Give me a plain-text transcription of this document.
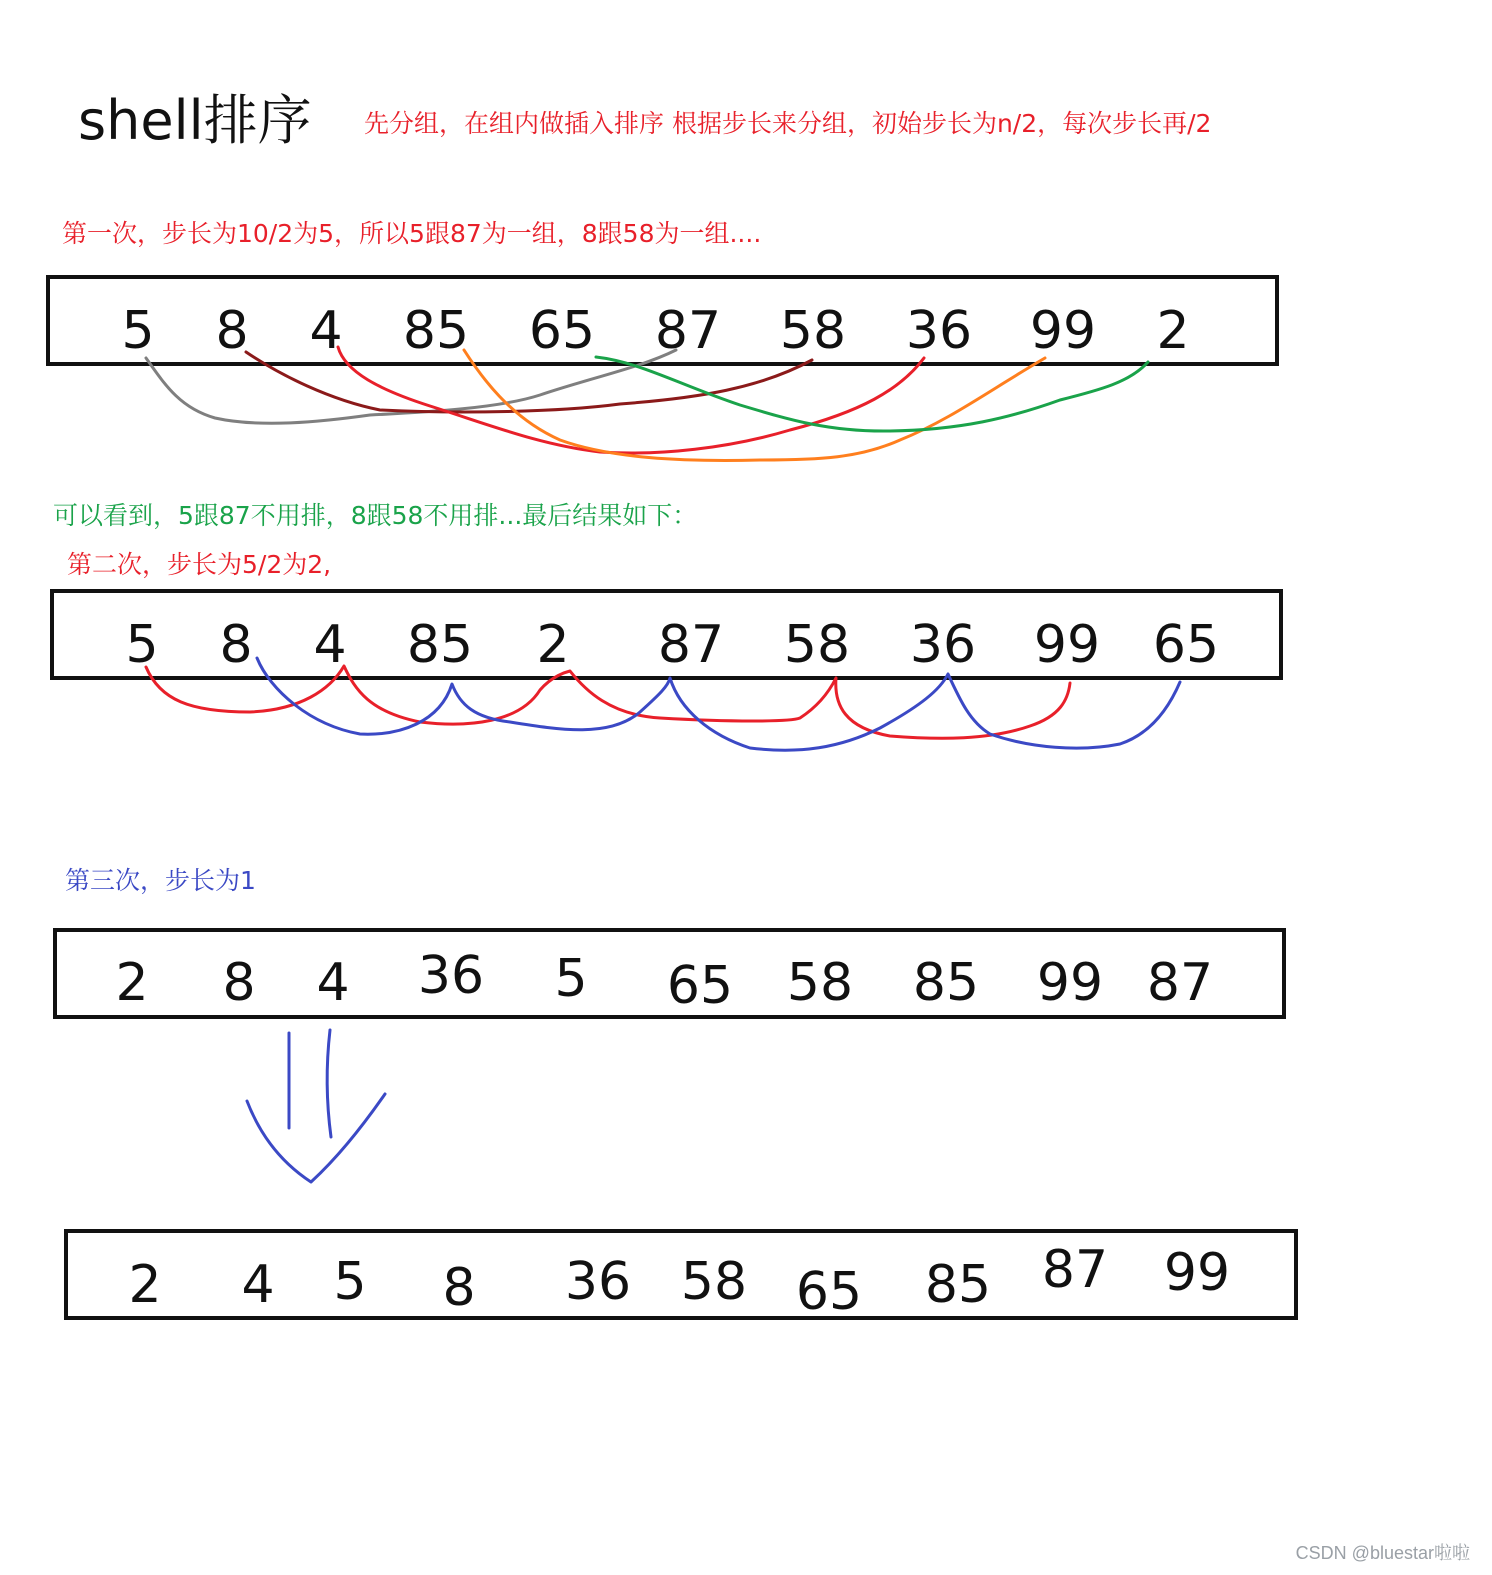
shell排序 先分组，在组内做插入排序 根据步长来分组，初始步长为n/2，每次步长再/2
第一次，步长为10/2为5，所以5跟87为一组，8跟58为一组....
5 8 4 85 65 87 58 36 99 2
可以看到，5跟87不用排，8跟58不用排...最后结果如下：
第二次，步长为5/2为2,
5 8 4 85 2 87 58 36 99 65
第三次，步长为1
2 8 4 36 5 65 58 85 99 87
2 4 5 8 36 58 65 85 87 99
CSDN @bluestar啦啦
